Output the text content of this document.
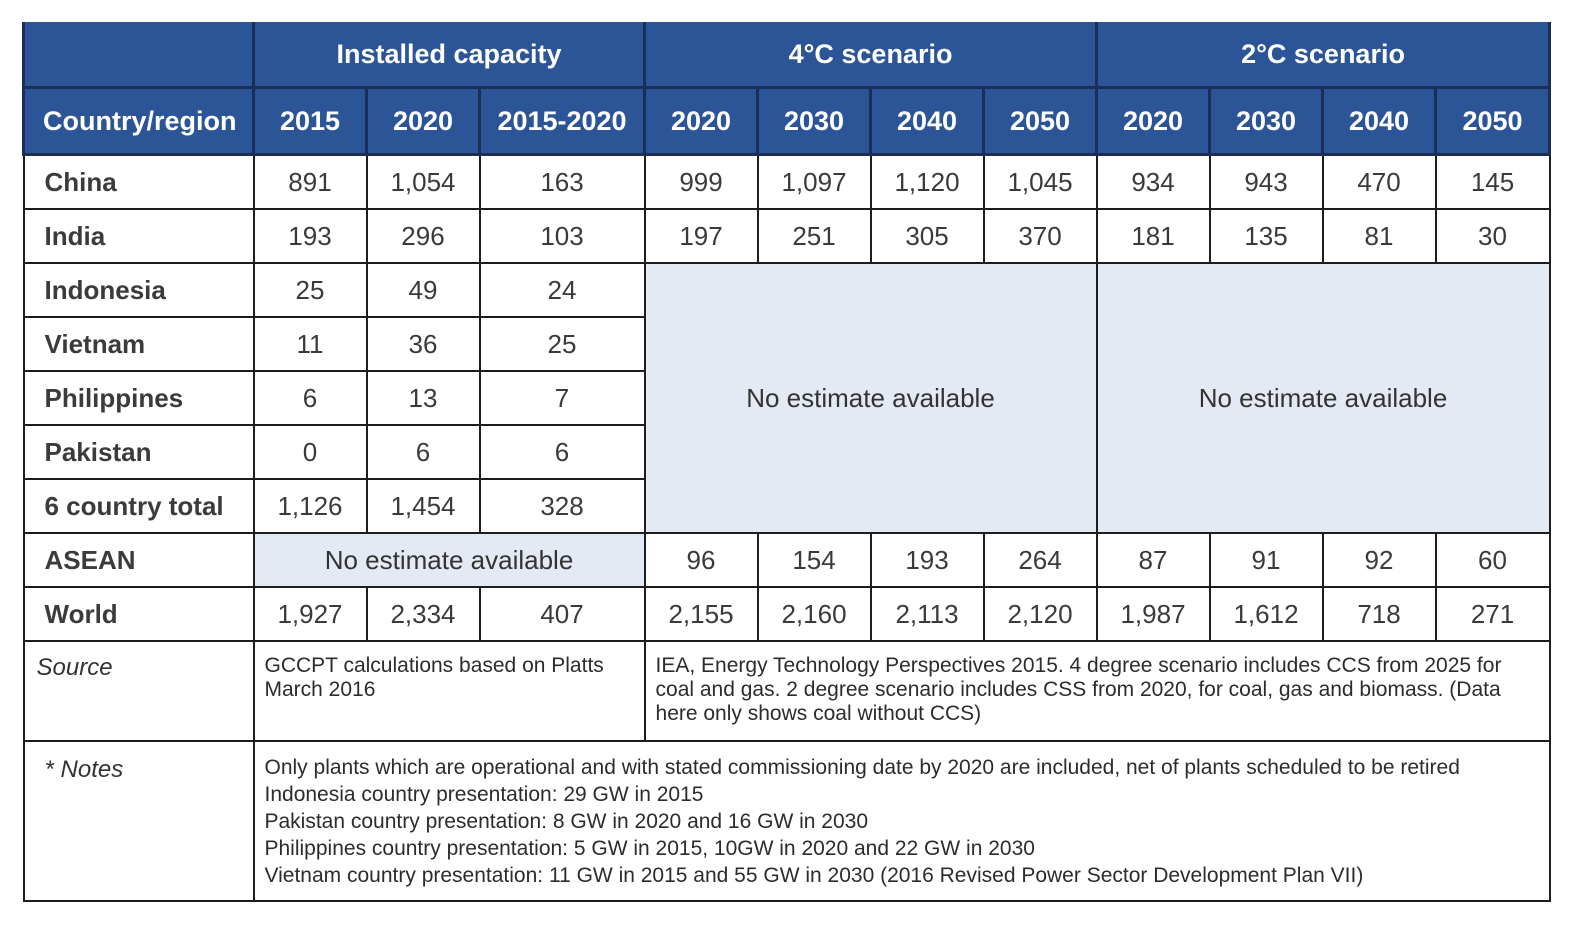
	Installed capacity			4°C scenario				2°C scenario			
Country/region	2015	2020	2015-2020	2020	2030	2040	2050	2020	2030	2040	2050
China	891	1,054	163	999	1,097	1,120	1,045	934	943	470	145
India	193	296	103	197	251	305	370	181	135	81	30
Indonesia	25	49	24	No estimate available				No estimate available			
Vietnam	11	36	25								
Philippines	6	13	7								
Pakistan	0	6	6								
6 country total	1,126	1,454	328								
ASEAN	No estimate available			96	154	193	264	87	91	92	60
World	1,927	2,334	407	2,155	2,160	2,113	2,120	1,987	1,612	718	271
Source	GCCPT calculations based on Platts March 2016			IEA, Energy Technology Perspectives 2015. 4 degree scenario includes CCS from 2025 for coal and gas. 2 degree scenario includes CSS from 2020, for coal, gas and biomass. (Data here only shows coal without CCS)							
* Notes	Only plants which are operational and with stated commissioning date by 2020 are included, net of plants scheduled to be retired
Indonesia country presentation: 29 GW in 2015
Pakistan country presentation: 8 GW in 2020 and 16 GW in 2030
Philippines country presentation: 5 GW in 2015, 10GW in 2020 and 22 GW in 2030
Vietnam country presentation: 11 GW in 2015 and 55 GW in 2030 (2016 Revised Power Sector Development Plan VII)										
